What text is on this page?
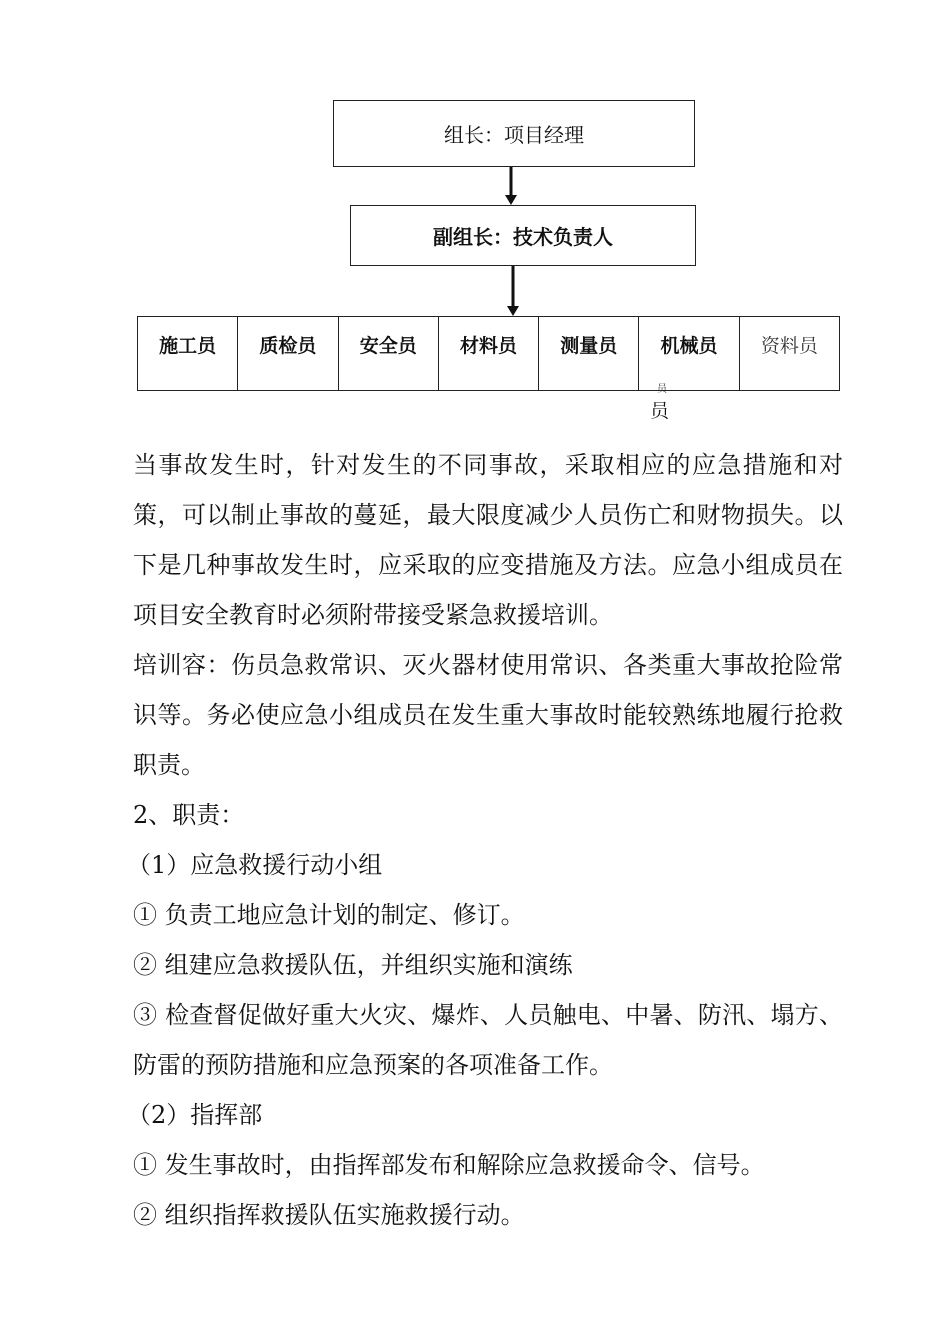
组长：项目经理
副组长：技术负责人
施工员	质检员	安全员	材料员	测量员	机械员	资料员
员
员

当事故发生时，针对发生的不同事故，采取相应的应急措施和对策，可以制止事故的蔓延，最大限度减少人员伤亡和财物损失。以下是几种事故发生时，应采取的应变措施及方法。应急小组成员在项目安全教育时必须附带接受紧急救援培训。

培训容：伤员急救常识、灭火器材使用常识、各类重大事故抢险常识等。务必使应急小组成员在发生重大事故时能较熟练地履行抢救职责。

2、职责：
（1）应急救援行动小组
① 负责工地应急计划的制定、修订。
② 组建应急救援队伍，并组织实施和演练

③ 检查督促做好重大火灾、爆炸、人员触电、中暑、防汛、塌方、防雷的预防措施和应急预案的各项准备工作。

（2）指挥部
① 发生事故时，由指挥部发布和解除应急救援命令、信号。
② 组织指挥救援队伍实施救援行动。
